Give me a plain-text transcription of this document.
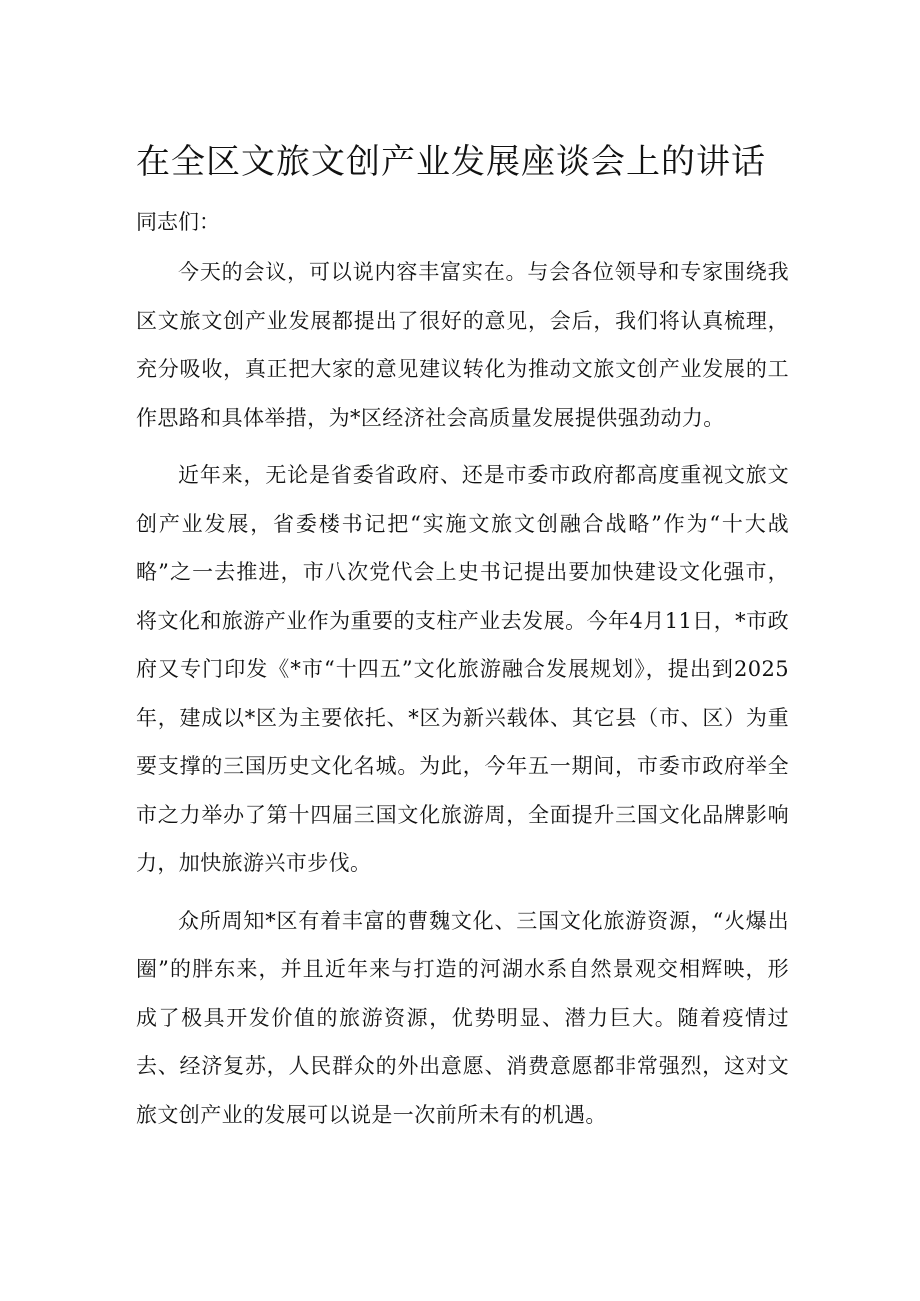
在全区文旅文创产业发展座谈会上的讲话

同志们：

今天的会议，可以说内容丰富实在。与会各位领导和专家围绕我区文旅文创产业发展都提出了很好的意见，会后，我们将认真梳理，充分吸收，真正把大家的意见建议转化为推动文旅文创产业发展的工作思路和具体举措，为*区经济社会高质量发展提供强劲动力。

近年来，无论是省委省政府、还是市委市政府都高度重视文旅文创产业发展，省委楼书记把“实施文旅文创融合战略”作为“十大战略”之一去推进，市八次党代会上史书记提出要加快建设文化强市，将文化和旅游产业作为重要的支柱产业去发展。今年4月11日，*市政府又专门印发《*市“十四五”文化旅游融合发展规划》，提出到2025年，建成以*区为主要依托、*区为新兴载体、其它县（市、区）为重要支撑的三国历史文化名城。为此，今年五一期间，市委市政府举全市之力举办了第十四届三国文化旅游周，全面提升三国文化品牌影响力，加快旅游兴市步伐。

众所周知*区有着丰富的曹魏文化、三国文化旅游资源，“火爆出圈”的胖东来，并且近年来与打造的河湖水系自然景观交相辉映，形成了极具开发价值的旅游资源，优势明显、潜力巨大。随着疫情过去、经济复苏，人民群众的外出意愿、消费意愿都非常强烈，这对文旅文创产业的发展可以说是一次前所未有的机遇。
